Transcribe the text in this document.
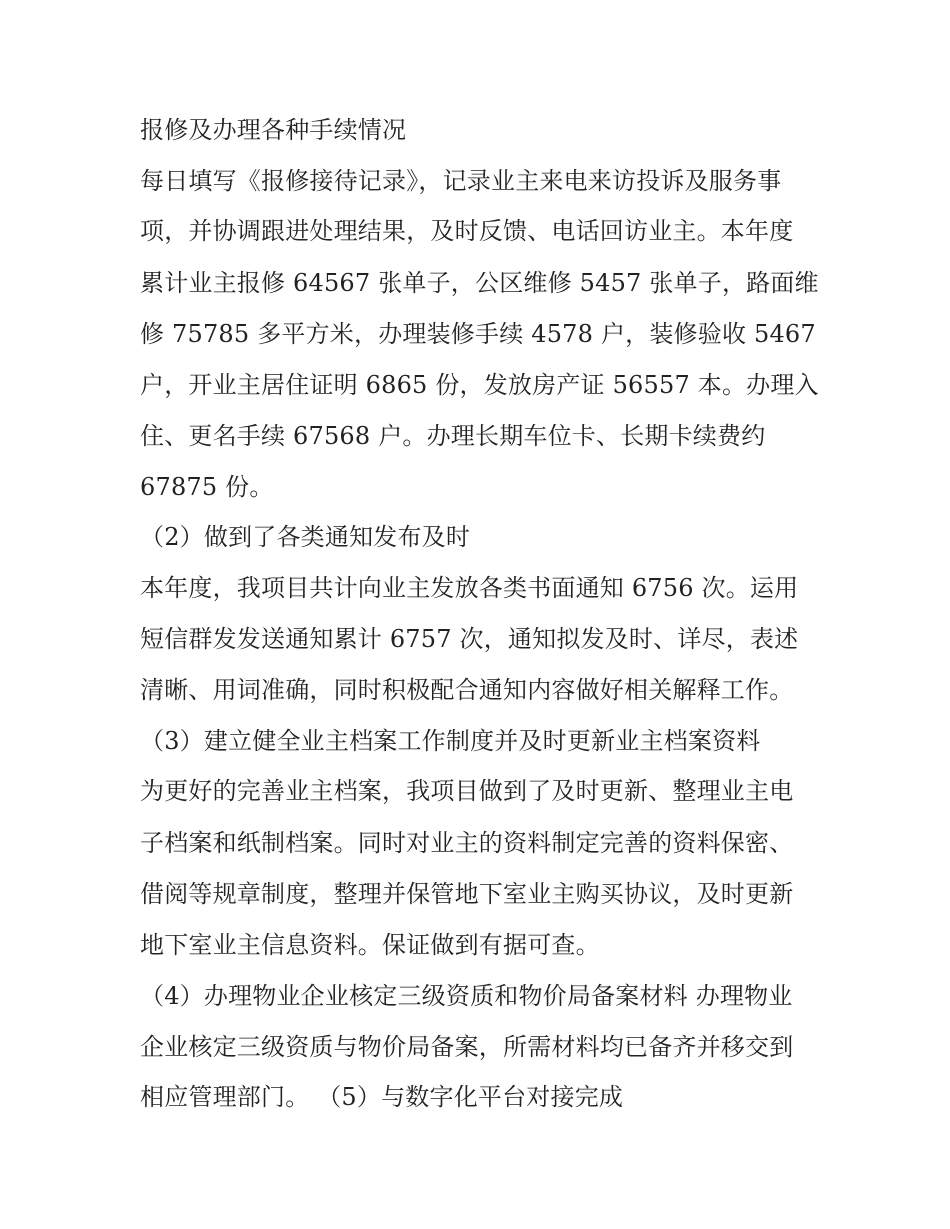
报修及办理各种手续情况
每日填写《报修接待记录》，记录业主来电来访投诉及服务事
项，并协调跟进处理结果，及时反馈、电话回访业主。本年度
累计业主报修 64567 张单子，公区维修 5457 张单子，路面维
修 75785 多平方米，办理装修手续 4578 户，装修验收 5467
户，开业主居住证明 6865 份，发放房产证 56557 本。办理入
住、更名手续 67568 户。办理长期车位卡、长期卡续费约
67875 份。
（2）做到了各类通知发布及时
本年度，我项目共计向业主发放各类书面通知 6756 次。运用
短信群发发送通知累计 6757 次，通知拟发及时、详尽，表述
清晰、用词准确，同时积极配合通知内容做好相关解释工作。
（3）建立健全业主档案工作制度并及时更新业主档案资料
为更好的完善业主档案，我项目做到了及时更新、整理业主电
子档案和纸制档案。同时对业主的资料制定完善的资料保密、
借阅等规章制度，整理并保管地下室业主购买协议，及时更新
地下室业主信息资料。保证做到有据可查。
（4）办理物业企业核定三级资质和物价局备案材料 办理物业
企业核定三级资质与物价局备案，所需材料均已备齐并移交到
相应管理部门。 （5）与数字化平台对接完成
